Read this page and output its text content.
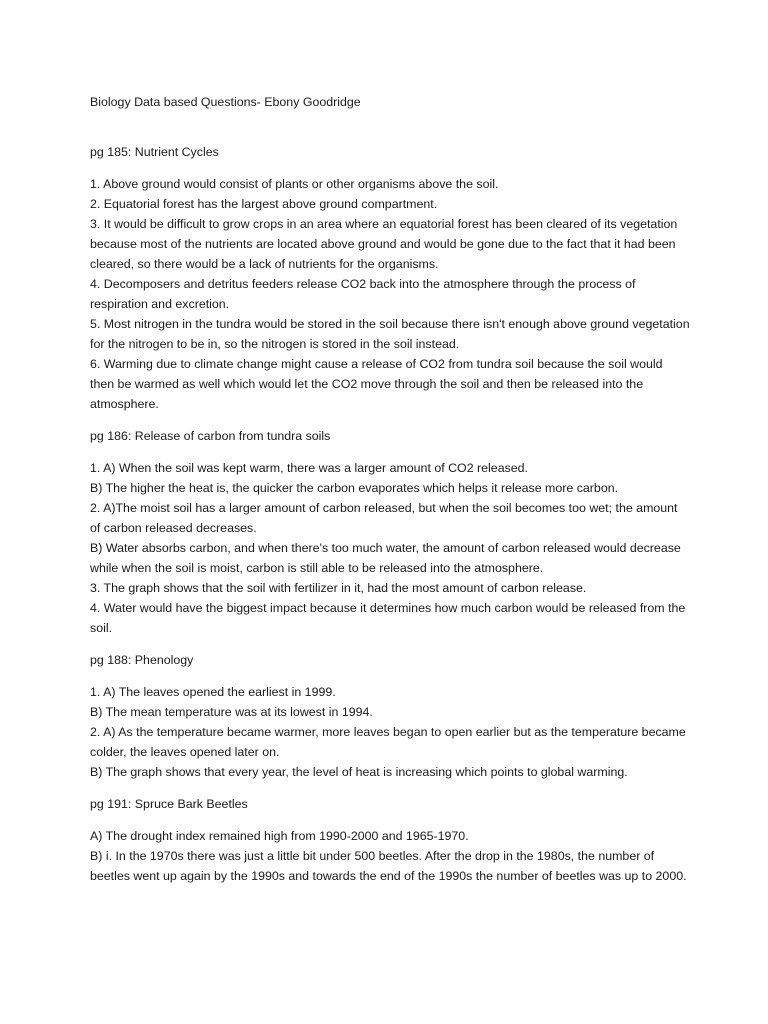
Biology Data based Questions- Ebony Goodridge

pg 185: Nutrient Cycles

1. Above ground would consist of plants or other organisms above the soil.

2. Equatorial forest has the largest above ground compartment.

3. It would be difficult to grow crops in an area where an equatorial forest has been cleared of its vegetation because most of the nutrients are located above ground and would be gone due to the fact that it had been cleared, so there would be a lack of nutrients for the organisms.

4. Decomposers and detritus feeders release CO2 back into the atmosphere through the process of respiration and excretion.

5. Most nitrogen in the tundra would be stored in the soil because there isn't enough above ground vegetation for the nitrogen to be in, so the nitrogen is stored in the soil instead.

6. Warming due to climate change might cause a release of CO2 from tundra soil because the soil would then be warmed as well which would let the CO2 move through the soil and then be released into the atmosphere.

pg 186: Release of carbon from tundra soils

1. A) When the soil was kept warm, there was a larger amount of CO2 released.

B) The higher the heat is, the quicker the carbon evaporates which helps it release more carbon.

2. A)The moist soil has a larger amount of carbon released, but when the soil becomes too wet; the amount of carbon released decreases.

B) Water absorbs carbon, and when there's too much water, the amount of carbon released would decrease while when the soil is moist, carbon is still able to be released into the atmosphere.

3. The graph shows that the soil with fertilizer in it, had the most amount of carbon release.

4. Water would have the biggest impact because it determines how much carbon would be released from the soil.

pg 188: Phenology

1. A) The leaves opened the earliest in 1999.

B) The mean temperature was at its lowest in 1994.

2. A) As the temperature became warmer, more leaves began to open earlier but as the temperature became colder, the leaves opened later on.

B) The graph shows that every year, the level of heat is increasing which points to global warming.

pg 191: Spruce Bark Beetles

A) The drought index remained high from 1990-2000 and 1965-1970.

B) i. In the 1970s there was just a little bit under 500 beetles. After the drop in the 1980s, the number of beetles went up again by the 1990s and towards the end of the 1990s the number of beetles was up to 2000.
